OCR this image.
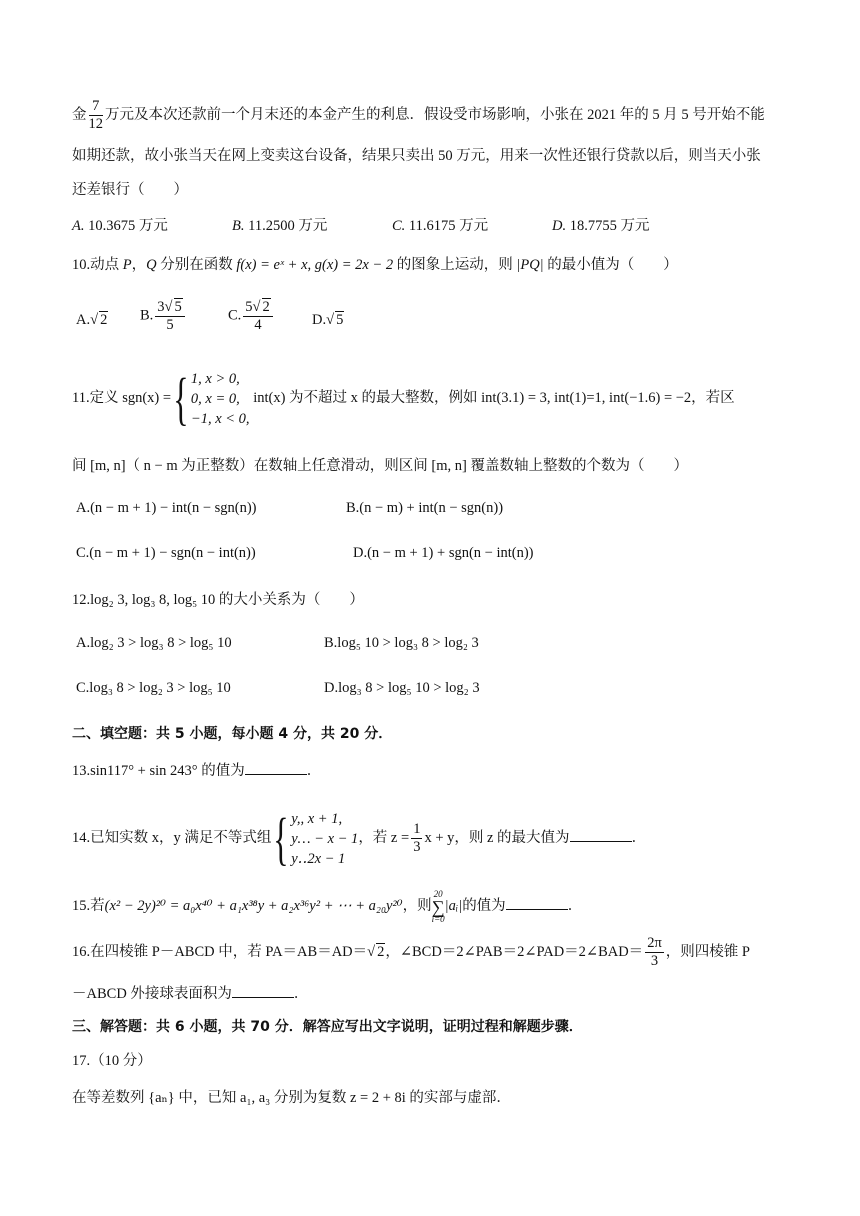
金 $\frac{7}{12}$ 万元及本次还款前一个月末还的本金产生的利息．假设受市场影响，小张在 2021 年的 5 月 5 号开始不能
如期还款，故小张当天在网上变卖这台设备，结果只卖出 50 万元，用来一次性还银行贷款以后，则当天小张
还差银行（　　）
A. 10.3675 万元	B. 11.2500 万元	C. 11.6175 万元	D. 18.7755 万元
10.动点 P，Q 分别在函数 f(x) = eˣ + x, g(x) = 2x − 2 的图象上运动，则 |PQ| 的最小值为（　　）
A.√ 2 B. $\frac{3√ 5}{5}$	C. $\frac{5√ 2}{4}$	D.√ 5
11.定义 sgn(x) ={ 1, x > 0,
0, x = 0,
−1, x < 0,
int(x) 为不超过 x 的最大整数，例如 int(3.1) = 3, int(1)=1, int(−1.6) = −2，若区
间 [m, n]（ n − m 为正整数）在数轴上任意滑动，则区间 [m, n] 覆盖数轴上整数的个数为（　　）
A.(n − m + 1) − int(n − sgn(n))	B.(n − m) + int(n − sgn(n))
C.(n − m + 1) − sgn(n − int(n))	D.(n − m + 1) + sgn(n − int(n))
12.log₂ 3, log₃ 8, log₅ 10 的大小关系为（　　）
A.log₂ 3 > log₃ 8 > log₅ 10	B.log₅ 10 > log₃ 8 > log₂ 3
C.log₃ 8 > log₂ 3 > log₅ 10	D.log₃ 8 > log₅ 10 > log₂ 3
二、填空题：共 5 小题，每小题 4 分，共 20 分．
13.sin117° + sin 243° 的值为	．
14.已知实数 x，y 满足不等式组{ y,, x + 1,
y… − x − 1
y‥2x − 1
，若 $z = \frac{1}{3}$ x + y，则 z 的最大值为	．
15.若(x² − 2y)²⁰ = a₀x⁴⁰ + a₁x³⁸y + a₂x³⁶y² + ⋯ + a₂₀y²⁰，则
20
∑
i=0
|aᵢ|的值为	．
16.在四棱锥 P－ABCD 中，若 PA＝AB＝AD＝√ 2，∠BCD＝2∠PAB＝2∠PAD＝2∠BAD＝ $\frac{2\pi}{3}$ ，则四棱锥 P
－ABCD 外接球表面积为	．
三、解答题：共 6 小题，共 70 分．解答应写出文字说明，证明过程和解题步骤．
17.（10 分）
在等差数列 {aₙ} 中，已知 a₁, a₃ 分别为复数 z = 2 + 8i 的实部与虚部．
